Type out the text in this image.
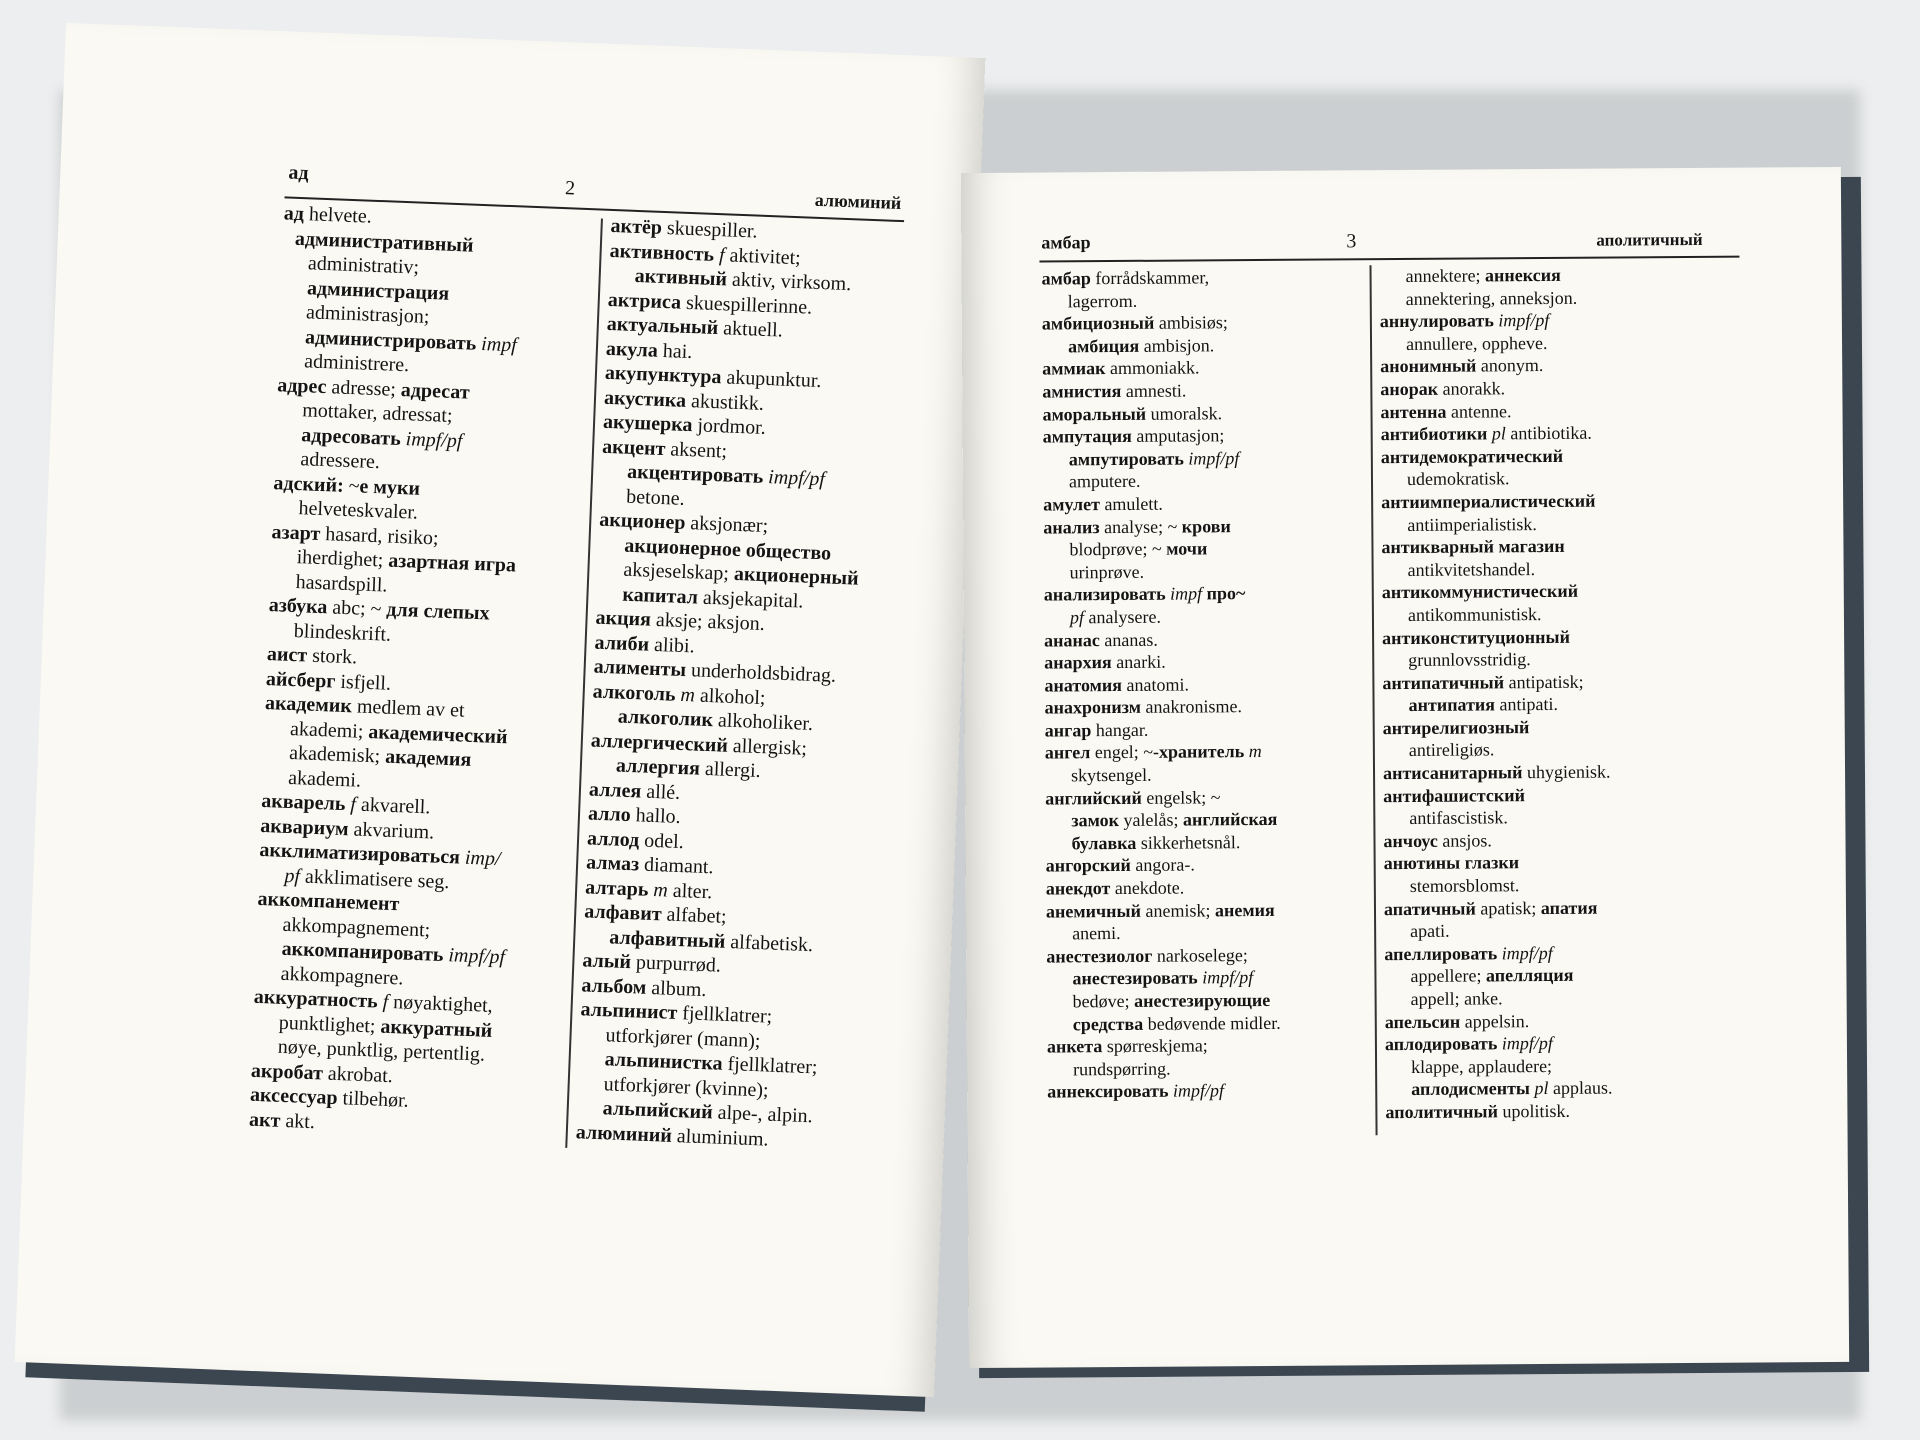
ад
2
алюминий
ад helvete.
административный
administrativ;
администрация
administrasjon;
администрировать impf
administrere.
адрес adresse; адресат
mottaker, adressat;
адресовать impf/pf
adressere.
адский: ~е муки
helveteskvaler.
азарт hasard, risiko;
iherdighet; азартная игра
hasardspill.
азбука abc; ~ для слепых
blindeskrift.
аист stork.
айсберг isfjell.
академик medlem av et
akademi; академический
akademisk; академия
akademi.
акварель f akvarell.
аквариум akvarium.
акклиматизироваться imp/
pf akklimatisere seg.
аккомпанемент
akkompagnement;
аккомпанировать impf/pf
akkompagnere.
аккуратность f nøyaktighet,
punktlighet; аккуратный
nøye, punktlig, pertentlig.
акробат akrobat.
аксессуар tilbehør.
акт akt.
актёр skuespiller.
активность f aktivitet;
активный aktiv, virksom.
актриса skuespillerinne.
актуальный aktuell.
акула hai.
акупунктура akupunktur.
акустика akustikk.
акушерка jordmor.
акцент aksent;
акцентировать impf/pf
betone.
акционер aksjonær;
акционерное общество
aksjeselskap; акционерный
капитал aksjekapital.
акция aksje; aksjon.
алиби alibi.
алименты underholdsbidrag.
алкоголь m alkohol;
алкоголик alkoholiker.
аллергический allergisk;
аллергия allergi.
аллея allé.
алло hallo.
аллод odel.
алмаз diamant.
алтарь m alter.
алфавит alfabet;
алфавитный alfabetisk.
алый purpurrød.
альбом album.
альпинист fjellklatrer;
utforkjører (mann);
альпинистка fjellklatrer;
utforkjører (kvinne);
альпийский alpe-, alpin.
алюминий aluminium.
амбар	3	аполитичный
амбар forrådskammer,
lagerrom.
амбициозный ambisiøs;
амбиция ambisjon.
аммиак ammoniakk.
амнистия amnesti.
аморальный umoralsk.
ампутация amputasjon;
ампутировать impf/pf
amputere.
амулет amulett.
анализ analyse; ~ крови
blodprøve; ~ мочи
urinprøve.
анализировать impf про~
pf analysere.
ананас ananas.
анархия anarki.
анатомия anatomi.
анахронизм anakronisme.
ангар hangar.
ангел engel; ~-хранитель m
skytsengel.
английский engelsk; ~
замок yalelås; английская
булавка sikkerhetsnål.
ангорский angora-.
анекдот anekdote.
анемичный anemisk; анемия
anemi.
анестезиолог narkoselege;
анестезировать impf/pf
bedøve; анестезирующие
средства bedøvende midler.
анкета spørreskjema;
rundspørring.
аннексировать impf/pf
annektere; аннексия
annektering, anneksjon.
аннулировать impf/pf
annullere, oppheve.
анонимный anonym.
анорак anorakk.
антенна antenne.
антибиотики pl antibiotika.
антидемократический
udemokratisk.
антиимпериалистический
antiimperialistisk.
антикварный магазин
antikvitetshandel.
антикоммунистический
antikommunistisk.
антиконституционный
grunnlovsstridig.
антипатичный antipatisk;
антипатия antipati.
антирелигиозный
antireligiøs.
антисанитарный uhygienisk.
антифашистский
antifascistisk.
анчоус ansjos.
анютины глазки
stemorsblomst.
апатичный apatisk; апатия
apati.
апеллировать impf/pf
appellere; апелляция
appell; anke.
апельсин appelsin.
аплодировать impf/pf
klappe, applaudere;
аплодисменты pl applaus.
аполитичный upolitisk.
